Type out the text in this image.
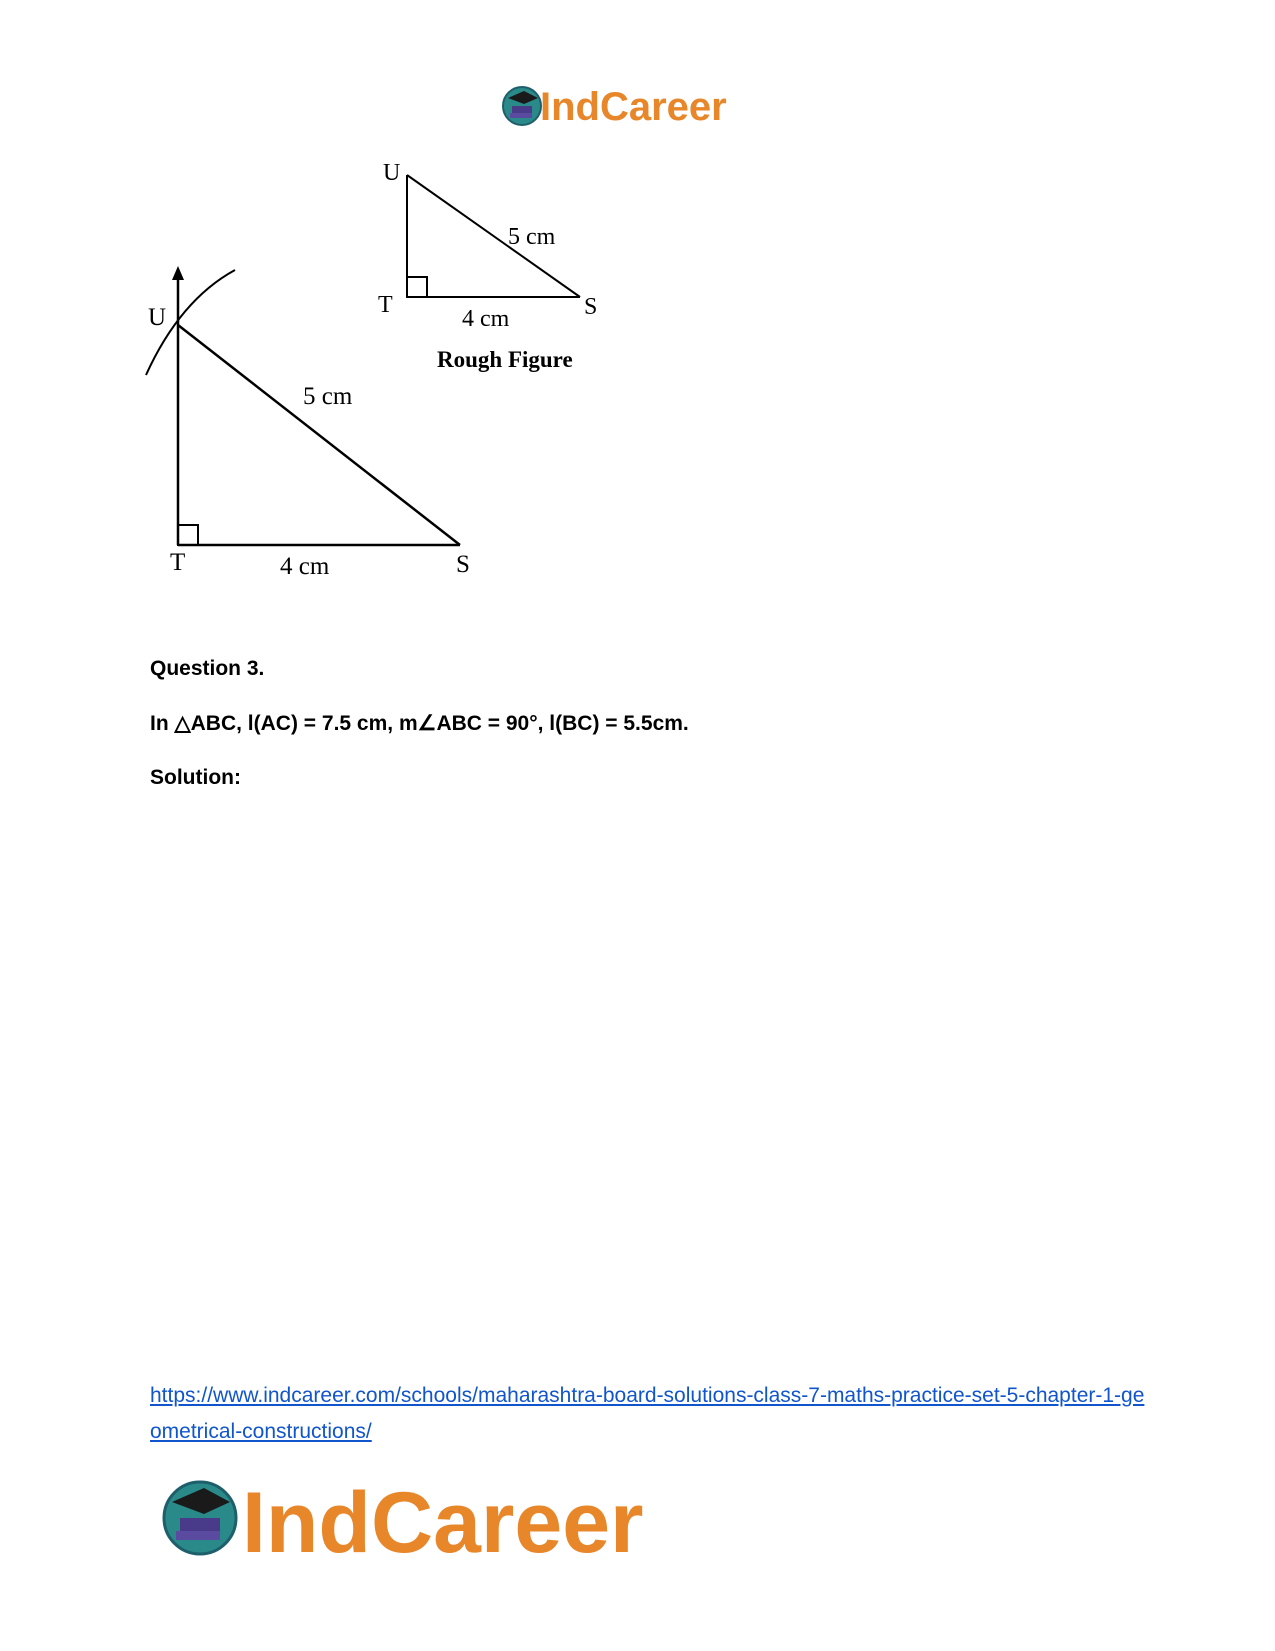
IndCareer
U
T	S
5 cm
4 cm
Rough Figure
U
T	S
5 cm
4 cm
Question 3.
In △ABC, l(AC) = 7.5 cm, m∠ABC = 90°, l(BC) = 5.5cm.
Solution:
https://www.indcareer.com/schools/maharashtra-board-solutions-class-7-maths-practice-set-5-chapter-1-geometrical-constructions/
IndCareer
